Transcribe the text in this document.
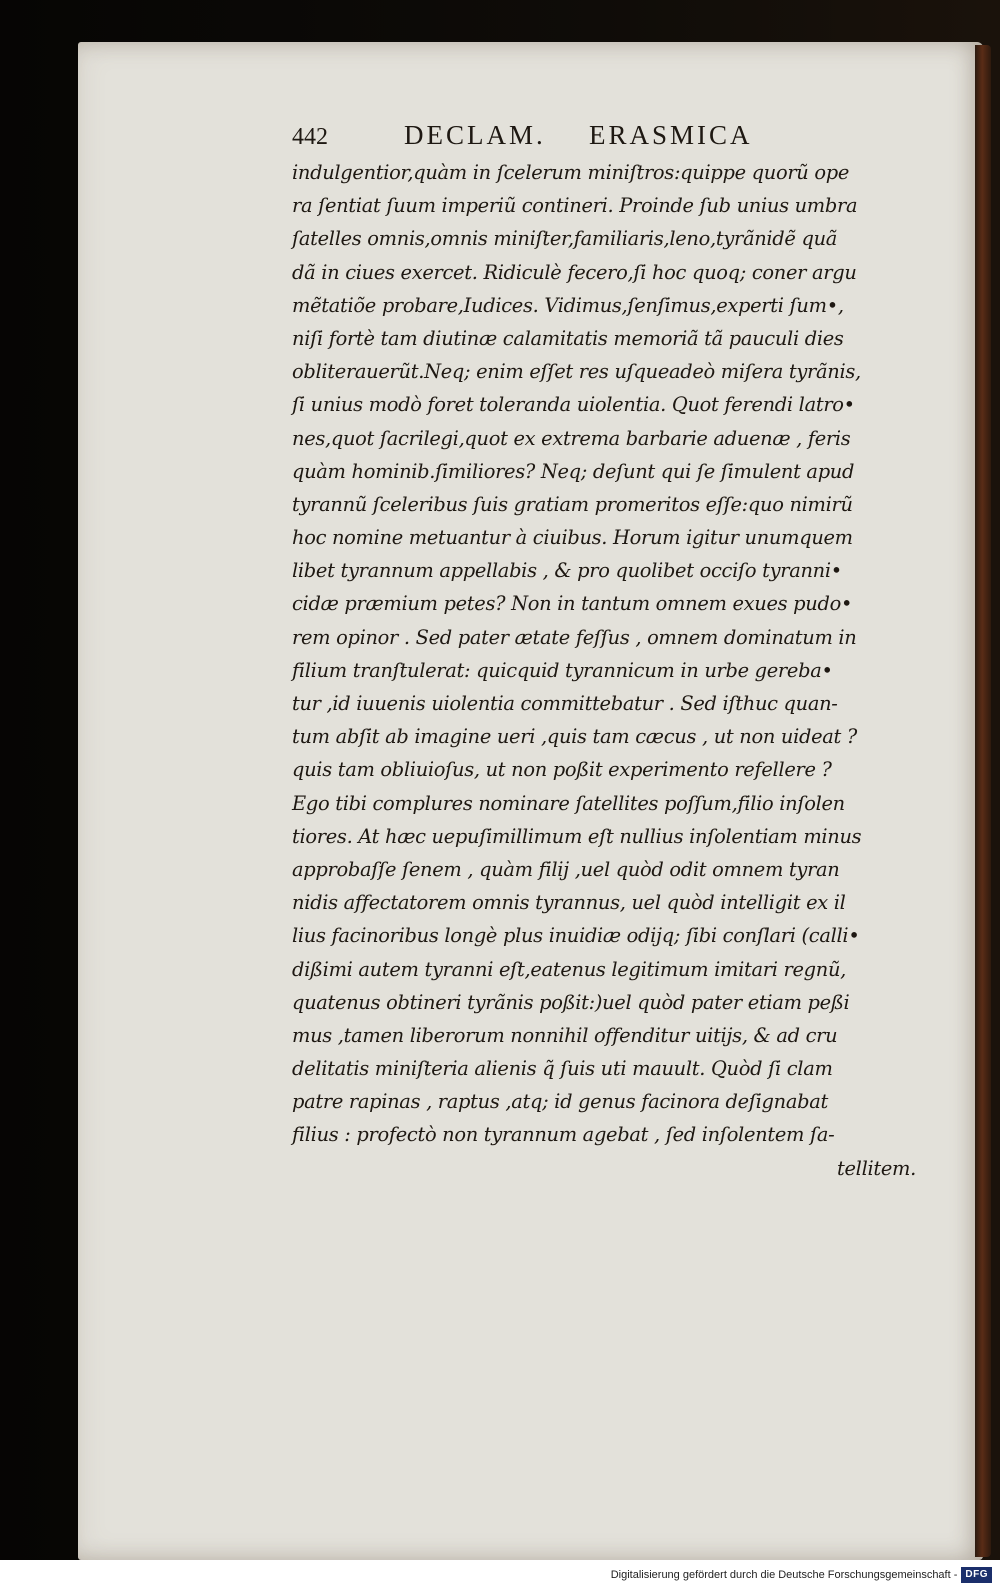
442	DECLAM.	ERASMICA
indulgentior,quàm in ſcelerum miniſtros:quippe quorũ ope
ra ſentiat ſuum imperiũ contineri. Proinde ſub unius umbra
ſatelles omnis,omnis miniſter,familiaris,leno,tyrãnidẽ quã
dã in ciues exercet. Ridiculè fecero,ſi hoc quoq; coner argu
mẽtatiõe probare,Iudices. Vidimus,ſenſimus,experti ſum•,
niſi fortè tam diutinæ calamitatis memoriã tã pauculi dies
obliterauerũt.Neq; enim eſſet res uſqueadeò miſera tyrãnis,
ſi unius modò foret toleranda uiolentia. Quot ferendi latro•
nes,quot ſacrilegi,quot ex extrema barbarie aduenæ , feris
quàm hominib.ſimiliores? Neq; deſunt qui ſe ſimulent apud
tyrannũ ſceleribus ſuis gratiam promeritos eſſe:quo nimirũ
hoc nomine metuantur à ciuibus. Horum igitur unumquem
libet tyrannum appellabis , & pro quolibet occiſo tyranni•
cidæ præmium petes? Non in tantum omnem exues pudo•
rem opinor . Sed pater ætate feſſus , omnem dominatum in
filium tranſtulerat: quicquid tyrannicum in urbe gereba•
tur ,id iuuenis uiolentia committebatur . Sed iſthuc quan-
tum abſit ab imagine ueri ,quis tam cæcus , ut non uideat ?
quis tam obliuioſus, ut non poßit experimento refellere ?
Ego tibi complures nominare ſatellites poſſum,filio inſolen
tiores. At hæc uериſimillimum eſt nullius inſolentiam minus
approbaſſe ſenem , quàm filij ,uel quòd odit omnem tyran
nidis affectatorem omnis tyrannus, uel quòd intelligit ex il
lius facinoribus longè plus inuidiæ odijq; ſibi conſlari (calli•
dißimi autem tyranni eſt,eatenus legitimum imitari regnũ,
quatenus obtineri tyrãnis poßit:)uel quòd pater etiam peßi
mus ,tamen liberorum nonnihil offenditur uitijs, & ad cru
delitatis miniſteria alienis q̃ ſuis uti mauult. Quòd ſi clam
patre rapinas , raptus ,atq; id genus facinora deſignabat
filius : profectò non tyrannum agebat , ſed inſolentem ſa-
tellitem.
Digitalisierung gefördert durch die Deutsche Forschungsgemeinschaft - DFG
